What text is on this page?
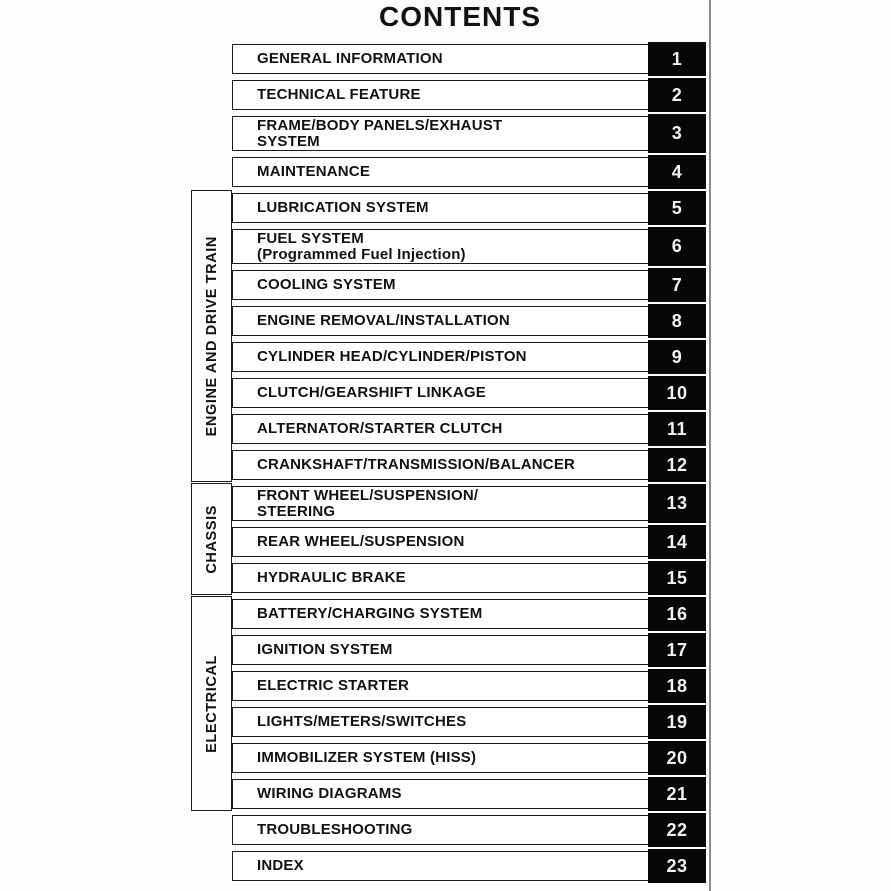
CONTENTS
ENGINE AND DRIVE TRAIN
CHASSIS
ELECTRICAL
GENERAL INFORMATION	1
TECHNICAL FEATURE	2
FRAME/BODY PANELS/EXHAUST
SYSTEM	3
MAINTENANCE	4
LUBRICATION SYSTEM	5
FUEL SYSTEM
(Programmed Fuel Injection)	6
COOLING SYSTEM	7
ENGINE REMOVAL/INSTALLATION	8
CYLINDER HEAD/CYLINDER/PISTON	9
CLUTCH/GEARSHIFT LINKAGE	10
ALTERNATOR/STARTER CLUTCH	11
CRANKSHAFT/TRANSMISSION/BALANCER	12
FRONT WHEEL/SUSPENSION/
STEERING	13
REAR WHEEL/SUSPENSION	14
HYDRAULIC BRAKE	15
BATTERY/CHARGING SYSTEM	16
IGNITION SYSTEM	17
ELECTRIC STARTER	18
LIGHTS/METERS/SWITCHES	19
IMMOBILIZER SYSTEM (HISS)	20
WIRING DIAGRAMS	21
TROUBLESHOOTING	22
INDEX	23
